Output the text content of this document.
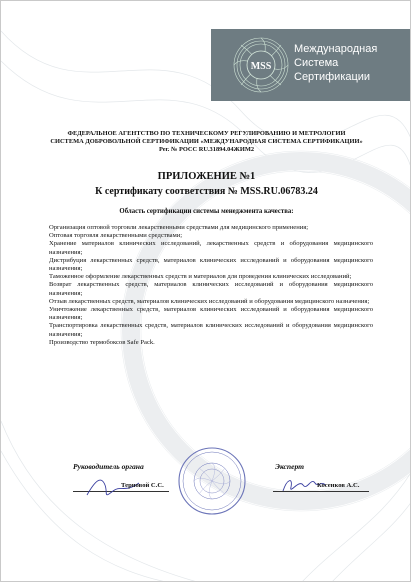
MSS
Международная
Система
Сертификации
ФЕДЕРАЛЬНОЕ АГЕНТСТВО ПО ТЕХНИЧЕСКОМУ РЕГУЛИРОВАНИЮ И МЕТРОЛОГИИ
СИСТЕМА ДОБРОВОЛЬНОЙ СЕРТИФИКАЦИИ «МЕЖДУНАРОДНАЯ СИСТЕМА СЕРТИФИКАЦИИ»
Рег. № РОСС RU.31894.04ЖИМ2
ПРИЛОЖЕНИЕ №1
К сертификату соответствия № MSS.RU.06783.24
Область сертификации системы менеджмента качества:
Организация оптовой торговли лекарственными средствами для медицинского применения;
Оптовая торговля лекарственными средствами;
Хранение материалов клинических исследований, лекарственных средств и оборудования медицинского назначения;
Дистрибуция лекарственных средств, материалов клинических исследований и оборудования медицинского назначения;
Таможенное оформление лекарственных средств и материалов для проведения клинических исследований;
Возврат лекарственных средств, материалов клинических исследований и оборудования медицинского назначения;
Отзыв лекарственных средств, материалов клинических исследований и оборудования медицинского назначения;
Уничтожение лекарственных средств, материалов клинических исследований и оборудования медицинского назначения;
Транспортировка лекарственных средств, материалов клинических исследований и оборудования медицинского назначения;
Производство термобоксов Safe Pack.
Руководитель органа
Терновой С.С.
Эксперт
Косенков А.С.
